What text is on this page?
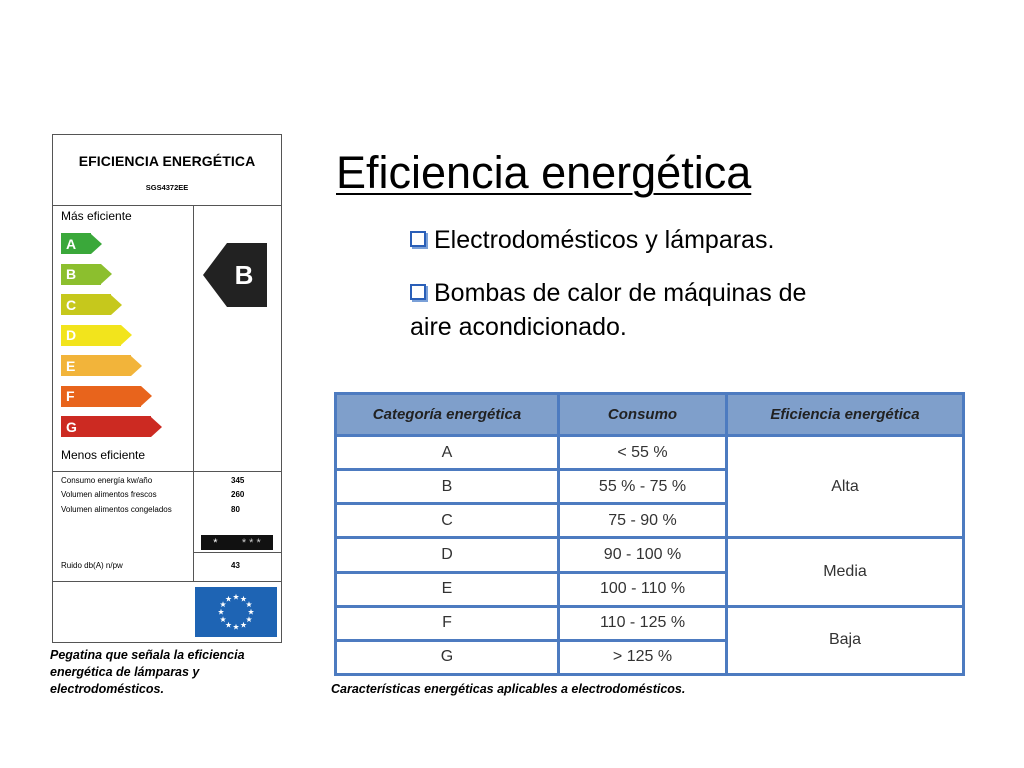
EFICIENCIA ENERGÉTICA
SGS4372EE
Más eficiente
A
B
C
D
E
F
G
Menos eficiente
B
Consumo energía kw/año	345
Volumen alimentos frescos	260
Volumen alimentos congelados	80
* * * *
Ruido db(A) n/pw	43
Pegatina que señala la eficiencia energética de lámparas y electrodomésticos.
Eficiencia energética
Electrodomésticos y lámparas.
Bombas de calor de máquinas de
aire acondicionado.
Categoría energética	Consumo	Eficiencia energética
A	< 55 %	Alta
B	55 % - 75 %	
C	75 - 90 %	
D	90 - 100 %	Media
E	100 - 110 %	
F	110 - 125 %	Baja
G	> 125 %	
Características energéticas aplicables a electrodomésticos.
